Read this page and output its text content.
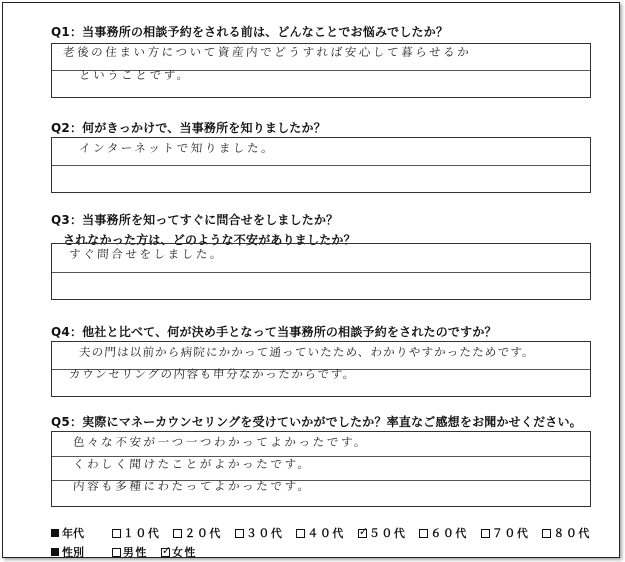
Q1：当事務所の相談予約をされる前は、どんなことでお悩みでしたか？
老後の住まい方について資産内でどうすれば安心して暮らせるか
ということです。
Q2：何がきっかけで、当事務所を知りましたか？
インターネットで知りました。
Q3：当事務所を知ってすぐに問合せをしましたか？
されなかった方は、どのような不安がありましたか？
すぐ問合せをしました。
Q4：他社と比べて、何が決め手となって当事務所の相談予約をされたのですか？
夫の門は以前から病院にかかって通っていたため、わかりやすかったためです。
カウンセリングの内容も申分なかったからです。
Q5：実際にマネーカウンセリングを受けていかがでしたか？率直なご感想をお聞かせください。
色々な不安が一つ一つわかってよかったです。
くわしく聞けたことがよかったです。
内容も多種にわたってよかったです。
年代	１０代 ２０代 ３０代 ４０代 ✓ ５０代 ６０代 ７０代 ８０代
性別	男性 ✓ 女性
